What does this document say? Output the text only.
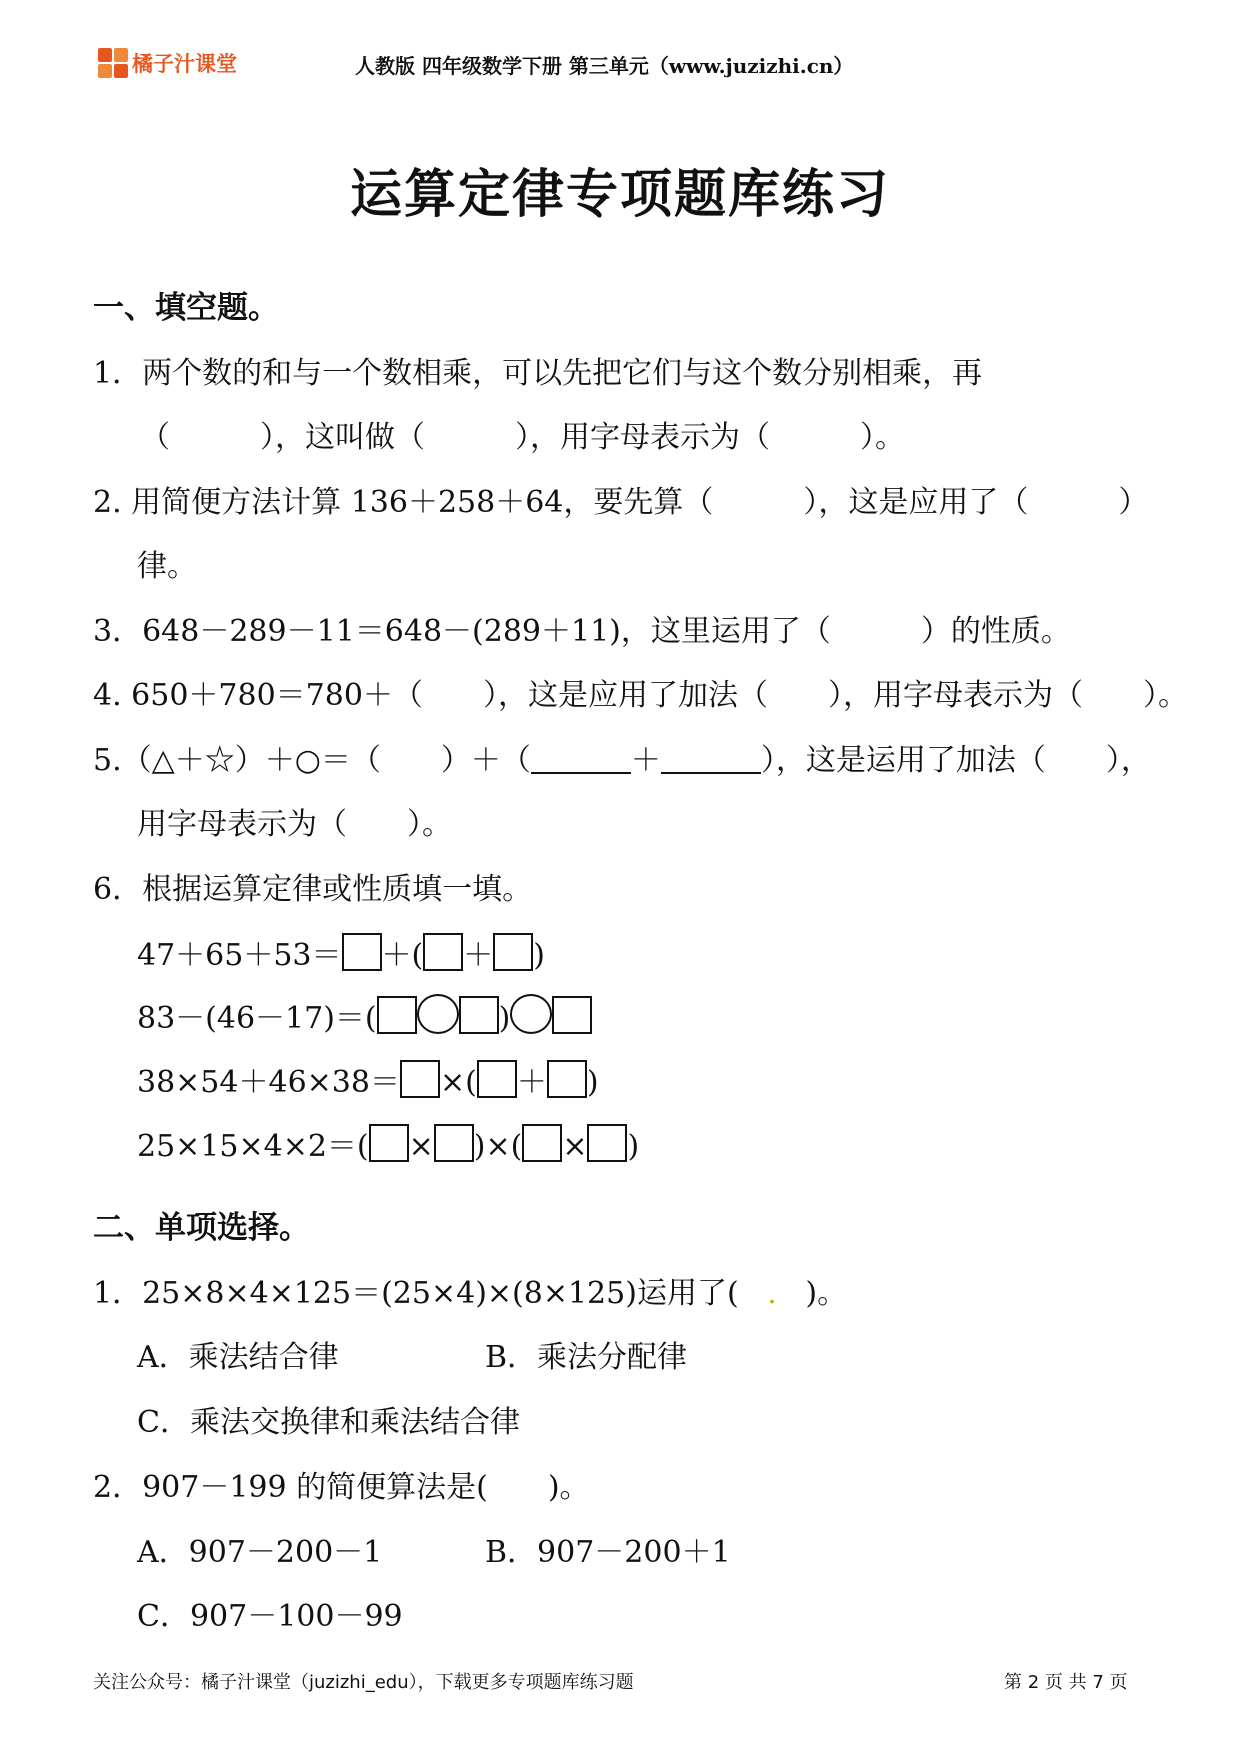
橘子汁课堂	人教版 四年级数学下册 第三单元（www.juzizhi.cn）
运算定律专项题库练习
一、填空题。
1．两个数的和与一个数相乘，可以先把它们与这个数分别相乘，再
（　　　），这叫做（　　　），用字母表示为（　　　）。
2. 用简便方法计算 136＋258＋64，要先算（　　　），这是应用了（　　　）
律。
3．648－289－11＝648－(289＋11)，这里运用了（　　　）的性质。
4. 650＋780＝780＋（　　），这是应用了加法（　　），用字母表示为（　　）。
5.（△＋☆）＋○＝（　　）＋（	＋	），这是运用了加法（　　），
用字母表示为（　　）。
6．根据运算定律或性质填一填。
47＋65＋53＝ ＋( ＋ )
83－(46－17)＝(	)
38×54＋46×38＝ ×( ＋ )
25×15×4×2＝( × )×( × )
二、单项选择。
1．25×8×4×125＝(25×4)×(8×125)运用了( . )。
A．乘法结合律	B．乘法分配律
C．乘法交换律和乘法结合律
2．907－199 的简便算法是(　　)。
A．907－200－1	B．907－200＋1
C．907－100－99
关注公众号：橘子汁课堂（juzizhi_edu），下载更多专项题库练习题	第 2 页 共 7 页
